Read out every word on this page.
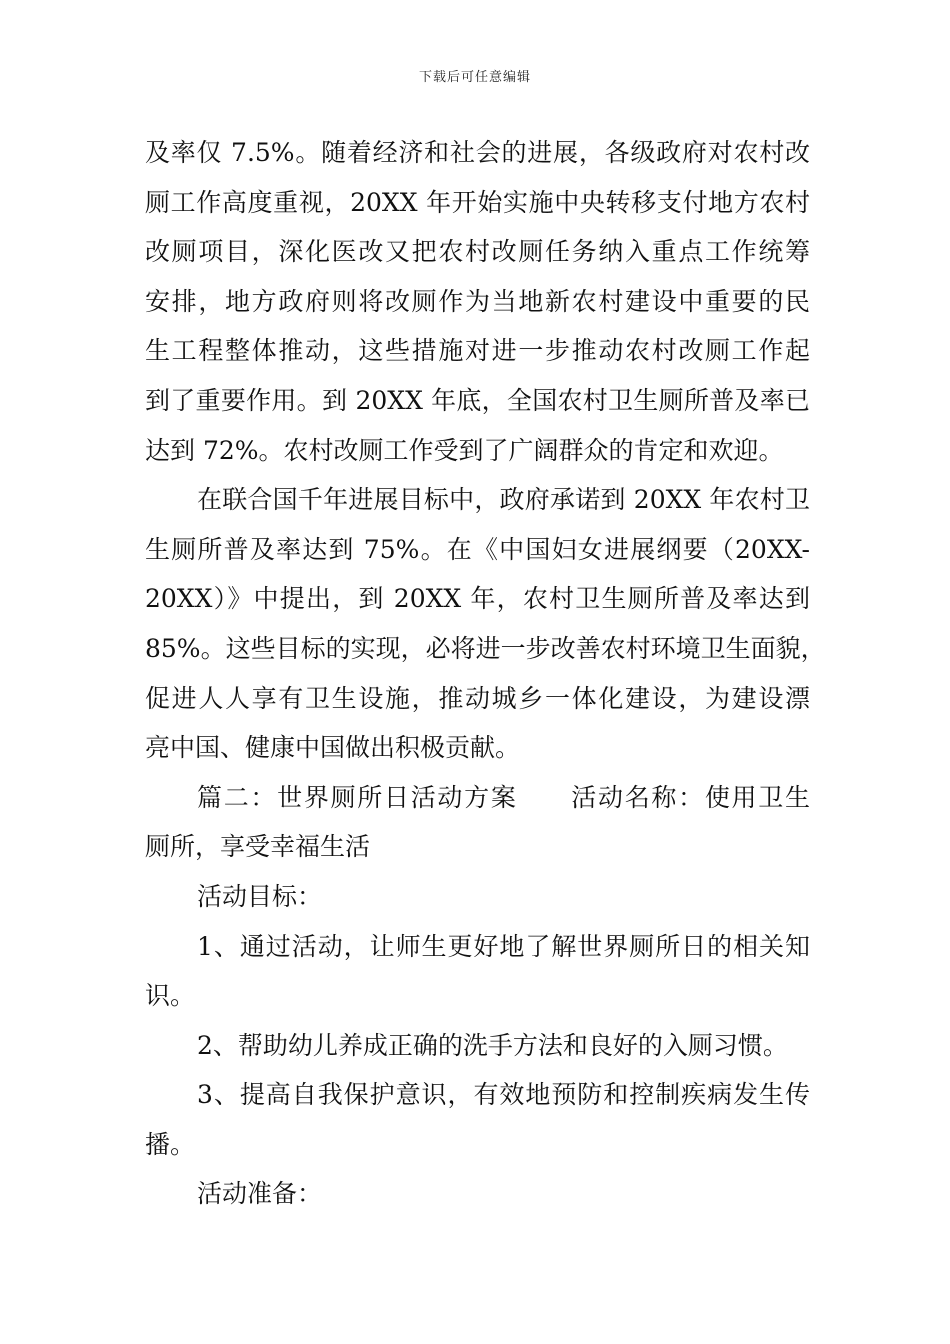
下载后可任意编辑
及率仅 7.5%。随着经济和社会的进展，各级政府对农村改
厕工作高度重视，20XX 年开始实施中央转移支付地方农村
改厕项目，深化医改又把农村改厕任务纳入重点工作统筹
安排，地方政府则将改厕作为当地新农村建设中重要的民
生工程整体推动，这些措施对进一步推动农村改厕工作起
到了重要作用。到 20XX 年底，全国农村卫生厕所普及率已
达到 72%。农村改厕工作受到了广阔群众的肯定和欢迎。
在联合国千年进展目标中，政府承诺到 20XX 年农村卫
生厕所普及率达到 75%。在《中国妇女进展纲要（20XX-
20XX）》中提出，到 20XX 年，农村卫生厕所普及率达到
85%。这些目标的实现，必将进一步改善农村环境卫生面貌，
促进人人享有卫生设施，推动城乡一体化建设，为建设漂
亮中国、健康中国做出积极贡献。
篇二：世界厕所日活动方案 活动名称：使用卫生
厕所，享受幸福生活
活动目标：
1、通过活动，让师生更好地了解世界厕所日的相关知
识。
2、帮助幼儿养成正确的洗手方法和良好的入厕习惯。
3、提高自我保护意识，有效地预防和控制疾病发生传
播。
活动准备：
